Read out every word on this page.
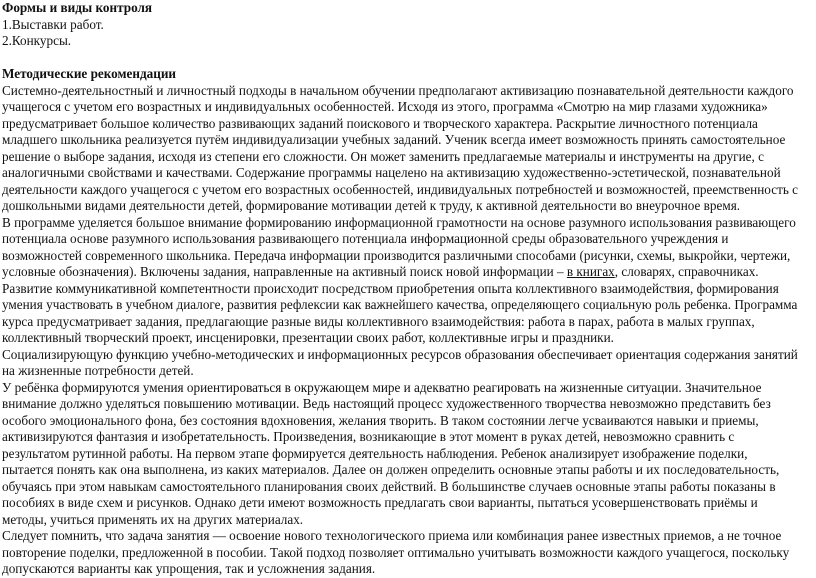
Формы и виды контроля

1.Выставки работ.

2.Конкурсы.

Методические рекомендации

Системно-деятельностный и личностный подходы в начальном обучении предполагают активизацию познавательной деятельности каждого
учащегося с учетом его возрастных и индивидуальных особенностей. Исходя из этого, программа «Смотрю на мир глазами художника»
предусматривает большое количество развивающих заданий поискового и творческого характера. Раскрытие личностного потенциала
младшего школьника реализуется путём индивидуализации учебных заданий. Ученик всегда имеет возможность принять самостоятельное
решение о выборе задания, исходя из степени его сложности. Он может заменить предлагаемые материалы и инструменты на другие, с
аналогичными свойствами и качествами. Содержание программы нацелено на активизацию художественно-эстетической, познавательной
деятельности каждого учащегося с учетом его возрастных особенностей, индивидуальных потребностей и возможностей, преемственность с
дошкольными видами деятельности детей, формирование мотивации детей к труду, к активной деятельности во внеурочное время.

В программе уделяется большое внимание формированию информационной грамотности на основе разумного использования развивающего
потенциала основе разумного использования развивающего потенциала информационной среды образовательного учреждения и
возможностей современного школьника. Передача информации производится различными способами (рисунки, схемы, выкройки, чертежи,
условные обозначения). Включены задания, направленные на активный поиск новой информации – в книгах, словарях, справочниках.

Развитие коммуникативной компетентности происходит посредством приобретения опыта коллективного взаимодействия, формирования
умения участвовать в учебном диалоге, развития рефлексии как важнейшего качества, определяющего социальную роль ребенка. Программа
курса предусматривает задания, предлагающие разные виды коллективного взаимодействия: работа в парах, работа в малых группах,
коллективный творческий проект, инсценировки, презентации своих работ, коллективные игры и праздники.

Социализирующую функцию учебно-методических и информационных ресурсов образования обеспечивает ориентация содержания занятий
на жизненные потребности детей.

У ребёнка формируются умения ориентироваться в окружающем мире и адекватно реагировать на жизненные ситуации. Значительное
внимание должно уделяться повышению мотивации. Ведь настоящий процесс художественного творчества невозможно представить без
особого эмоционального фона, без состояния вдохновения, желания творить. В таком состоянии легче усваиваются навыки и приемы,
активизируются фантазия и изобретательность. Произведения, возникающие в этот момент в руках детей, невозможно сравнить с
результатом рутинной работы. На первом этапе формируется деятельность наблюдения. Ребенок анализирует изображение поделки,
пытается понять как она выполнена, из каких материалов. Далее он должен определить основные этапы работы и их последовательность,
обучаясь при этом навыкам самостоятельного планирования своих действий. В большинстве случаев основные этапы работы показаны в
пособиях в виде схем и рисунков. Однако дети имеют возможность предлагать свои варианты, пытаться усовершенствовать приёмы и
методы, учиться применять их на других материалах.

Следует помнить, что задача занятия — освоение нового технологического приема или комбинация ранее известных приемов, а не точное
повторение поделки, предложенной в пособии. Такой подход позволяет оптимально учитывать возможности каждого учащегося, поскольку
допускаются варианты как упрощения, так и усложнения задания.
